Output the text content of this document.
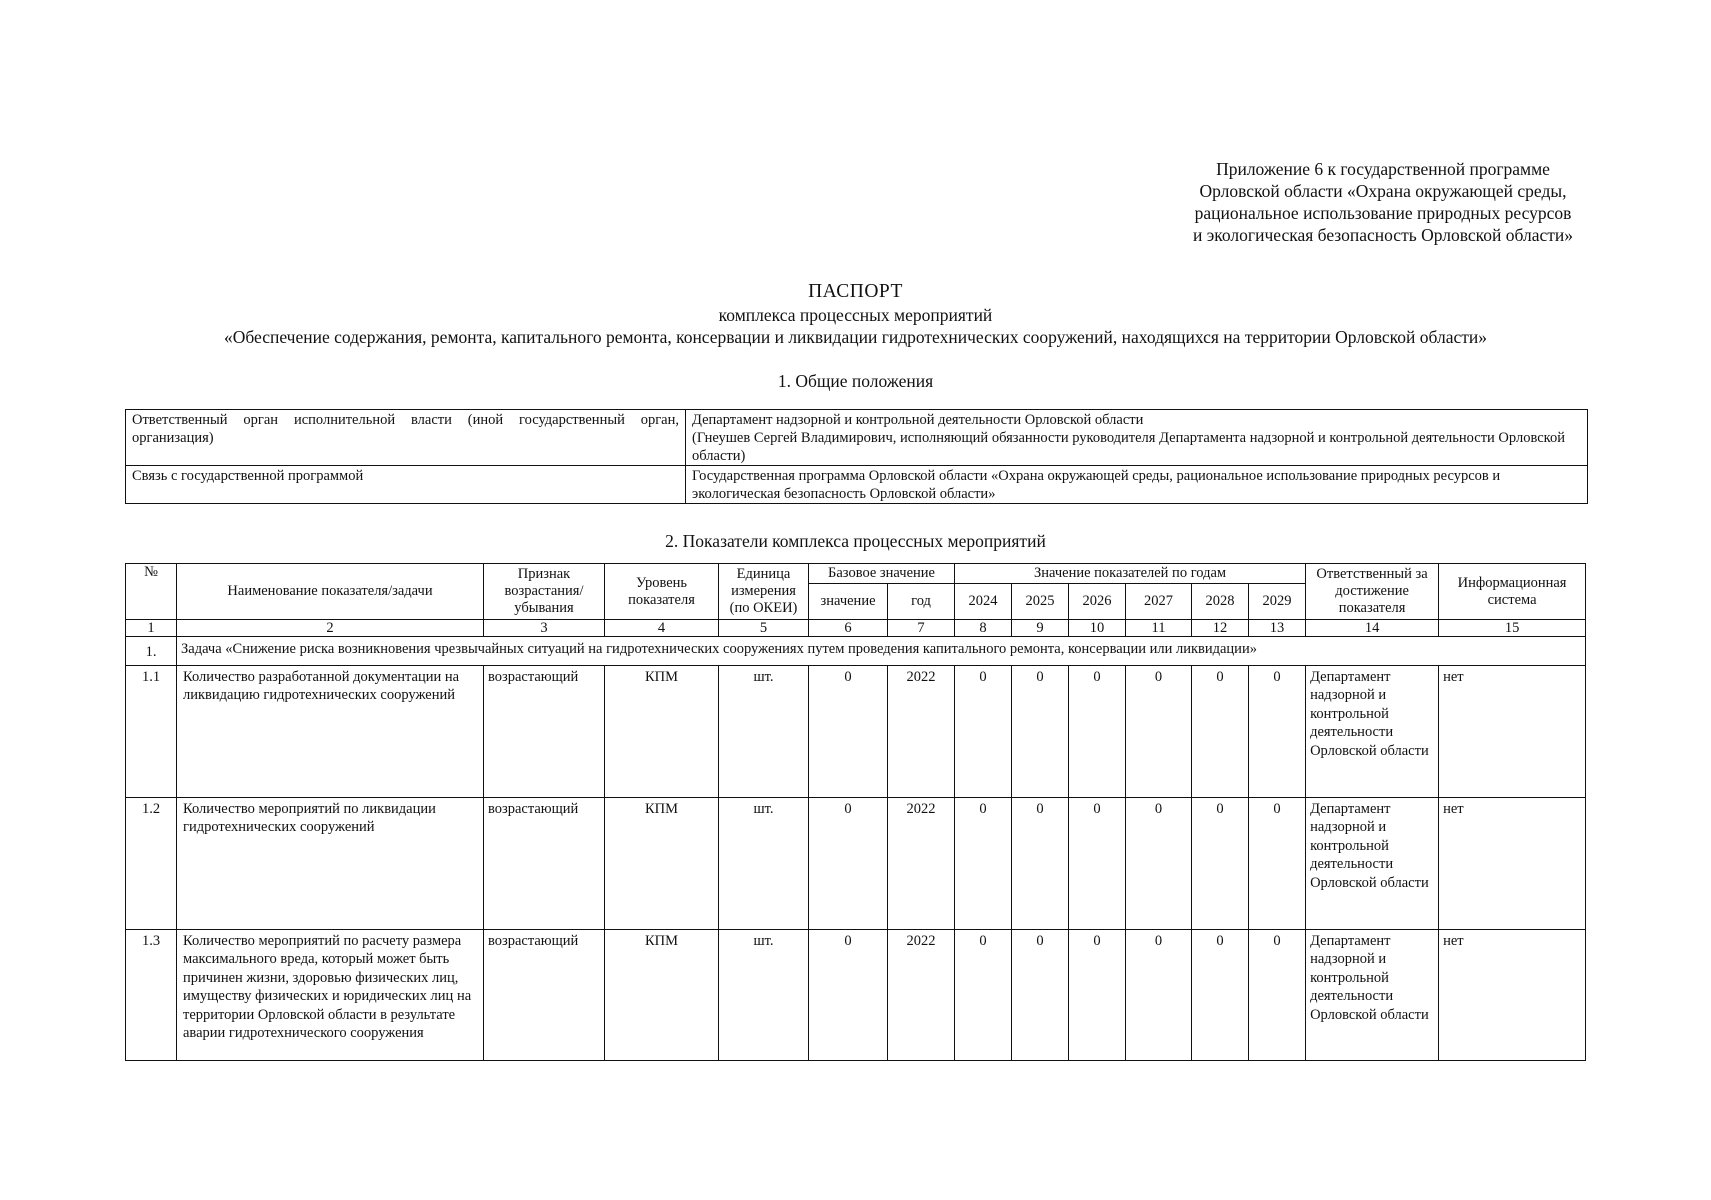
Приложение 6 к государственной программе
Орловской области «Охрана окружающей среды,
рациональное использование природных ресурсов
и экологическая безопасность Орловской области»
ПАСПОРТ
комплекса процессных мероприятий
«Обеспечение содержания, ремонта, капитального ремонта, консервации и ликвидации гидротехнических сооружений, находящихся на территории Орловской области»
1. Общие положения
Ответственный орган исполнительной власти (иной государственный орган, организация)	Департамент надзорной и контрольной деятельности Орловской области
(Гнеушев Сергей Владимирович, исполняющий обязанности руководителя Департамента надзорной и контрольной деятельности Орловской области)

Связь с государственной программой	Государственная программа Орловской области «Охрана окружающей среды, рациональное использование природных ресурсов и экологическая безопасность Орловской области»
2. Показатели комплекса процессных мероприятий
№	Наименование показателя/задачи	Признак возрастания/ убывания	Уровень показателя	Единица измерения (по ОКЕИ)	Базовое значение		Значение показателей по годам						Ответственный за достижение показателя	Информационная система
					значение	год	2024	2025	2026	2027	2028	2029		
1	2	3	4	5	6	7	8	9	10	11	12	13	14	15
1.	Задача «Снижение риска возникновения чрезвычайных ситуаций на гидротехнических сооружениях путем проведения капитального ремонта, консервации или ликвидации»													
1.1	Количество разработанной документации на ликвидацию гидротехнических сооружений	возрастающий	КПМ	шт.	0	2022	0	0	0	0	0	0	Департамент надзорной и контрольной деятельности Орловской области	нет
1.2	Количество мероприятий по ликвидации гидротехнических сооружений	возрастающий	КПМ	шт.	0	2022	0	0	0	0	0	0	Департамент надзорной и контрольной деятельности Орловской области	нет
1.3	Количество мероприятий по расчету размера максимального вреда, который может быть причинен жизни, здоровью физических лиц, имуществу физических и юридических лиц на территории Орловской области в результате аварии гидротехнического сооружения	возрастающий	КПМ	шт.	0	2022	0	0	0	0	0	0	Департамент надзорной и контрольной деятельности Орловской области	нет
